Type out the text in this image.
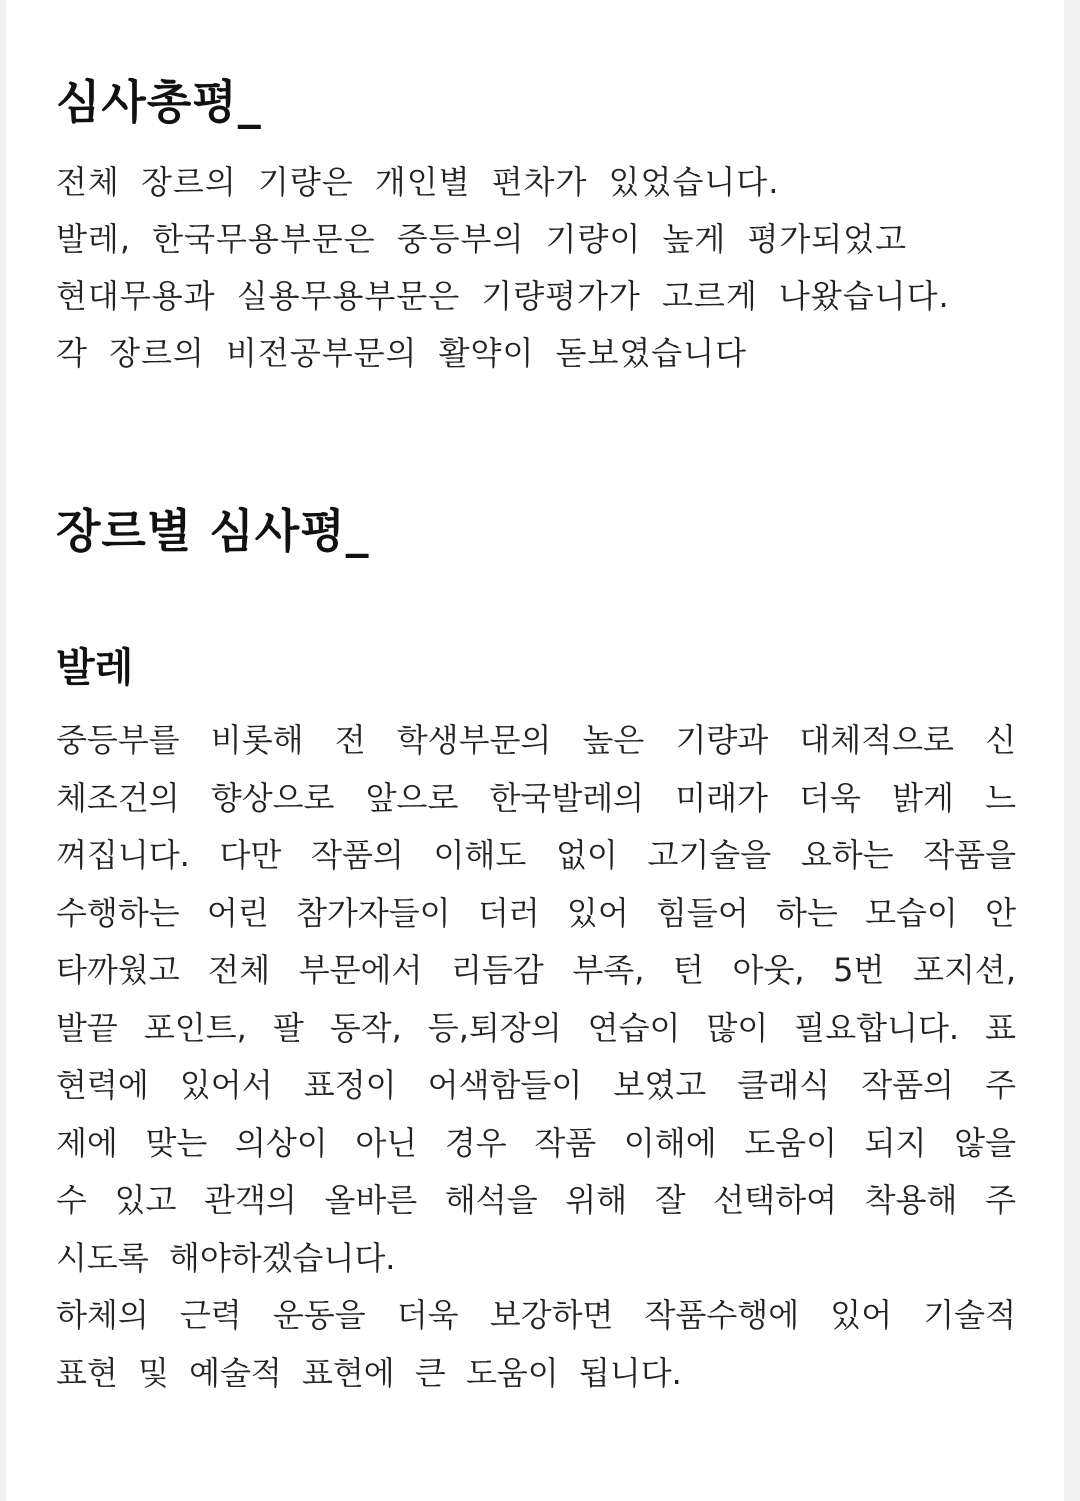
심사총평_

전체 장르의 기량은 개인별 편차가 있었습니다.

발레, 한국무용부문은 중등부의 기량이 높게 평가되었고

현대무용과 실용무용부문은 기량평가가 고르게 나왔습니다.

각 장르의 비전공부문의 활약이 돋보였습니다

장르별 심사평_
발레
중등부를 비롯해 전 학생부문의 높은 기량과 대체적으로 신
체조건의 향상으로 앞으로 한국발레의 미래가 더욱 밝게 느
껴집니다. 다만 작품의 이해도 없이 고기술을 요하는 작품을
수행하는 어린 참가자들이 더러 있어 힘들어 하는 모습이 안
타까웠고 전체 부문에서 리듬감 부족, 턴 아웃, 5번 포지션,
발끝 포인트, 팔 동작, 등,퇴장의 연습이 많이 필요합니다. 표
현력에 있어서 표정이 어색함들이 보였고 클래식 작품의 주
제에 맞는 의상이 아닌 경우 작품 이해에 도움이 되지 않을
수 있고 관객의 올바른 해석을 위해 잘 선택하여 착용해 주
시도록 해야하겠습니다.
하체의 근력 운동을 더욱 보강하면 작품수행에 있어 기술적
표현 및 예술적 표현에 큰 도움이 됩니다.
